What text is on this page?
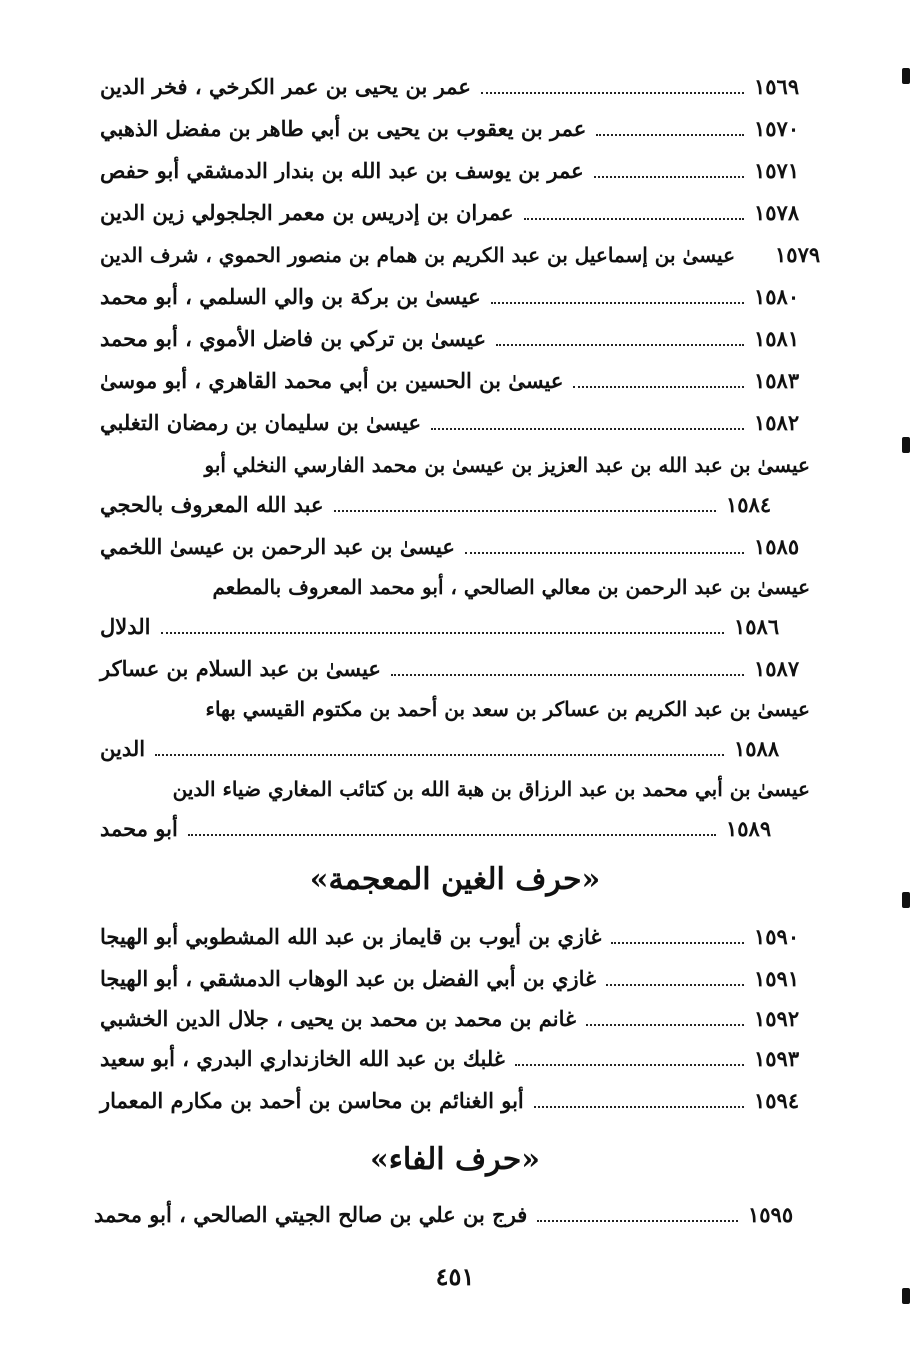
عمر بن يحيى بن عمر الكرخي ، فخر الدين	١٥٦٩
عمر بن يعقوب بن يحيى بن أبي طاهر بن مفضل الذهبي	١٥٧٠
عمر بن يوسف بن عبد الله بن بندار الدمشقي أبو حفص	١٥٧١
عمران بن إدريس بن معمر الجلجولي زين الدين	١٥٧٨
عيسىٰ بن إسماعيل بن عبد الكريم بن همام بن منصور الحموي ، شرف الدين ١٥٧٩
عيسىٰ بن بركة بن والي السلمي ، أبو محمد	١٥٨٠
عيسىٰ بن تركي بن فاضل الأموي ، أبو محمد	١٥٨١
عيسىٰ بن الحسين بن أبي محمد القاهري ، أبو موسىٰ	١٥٨٣
عيسىٰ بن سليمان بن رمضان التغلبي	١٥٨٢
عيسىٰ بن عبد الله بن عبد العزيز بن عيسىٰ بن محمد الفارسي النخلي أبو
عبد الله المعروف بالحجي	١٥٨٤
عيسىٰ بن عبد الرحمن بن عيسىٰ اللخمي	١٥٨٥
عيسىٰ بن عبد الرحمن بن معالي الصالحي ، أبو محمد المعروف بالمطعم
الدلال	١٥٨٦
عيسىٰ بن عبد السلام بن عساكر	١٥٨٧
عيسىٰ بن عبد الكريم بن عساكر بن سعد بن أحمد بن مكتوم القيسي بهاء
الدين	١٥٨٨
عيسىٰ بن أبي محمد بن عبد الرزاق بن هبة الله بن كتائب المغاري ضياء الدين
أبو محمد	١٥٨٩
«حرف الغين المعجمة»
غازي بن أيوب بن قايماز بن عبد الله المشطوبي أبو الهيجا	١٥٩٠
غازي بن أبي الفضل بن عبد الوهاب الدمشقي ، أبو الهيجا	١٥٩١
غانم بن محمد بن محمد بن يحيى ، جلال الدين الخشبي	١٥٩٢
غلبك بن عبد الله الخازنداري البدري ، أبو سعيد	١٥٩٣
أبو الغنائم بن محاسن بن أحمد بن مكارم المعمار	١٥٩٤
«حرف الفاء»
فرج بن علي بن صالح الجيتي الصالحي ، أبو محمد	١٥٩٥
٤٥١
